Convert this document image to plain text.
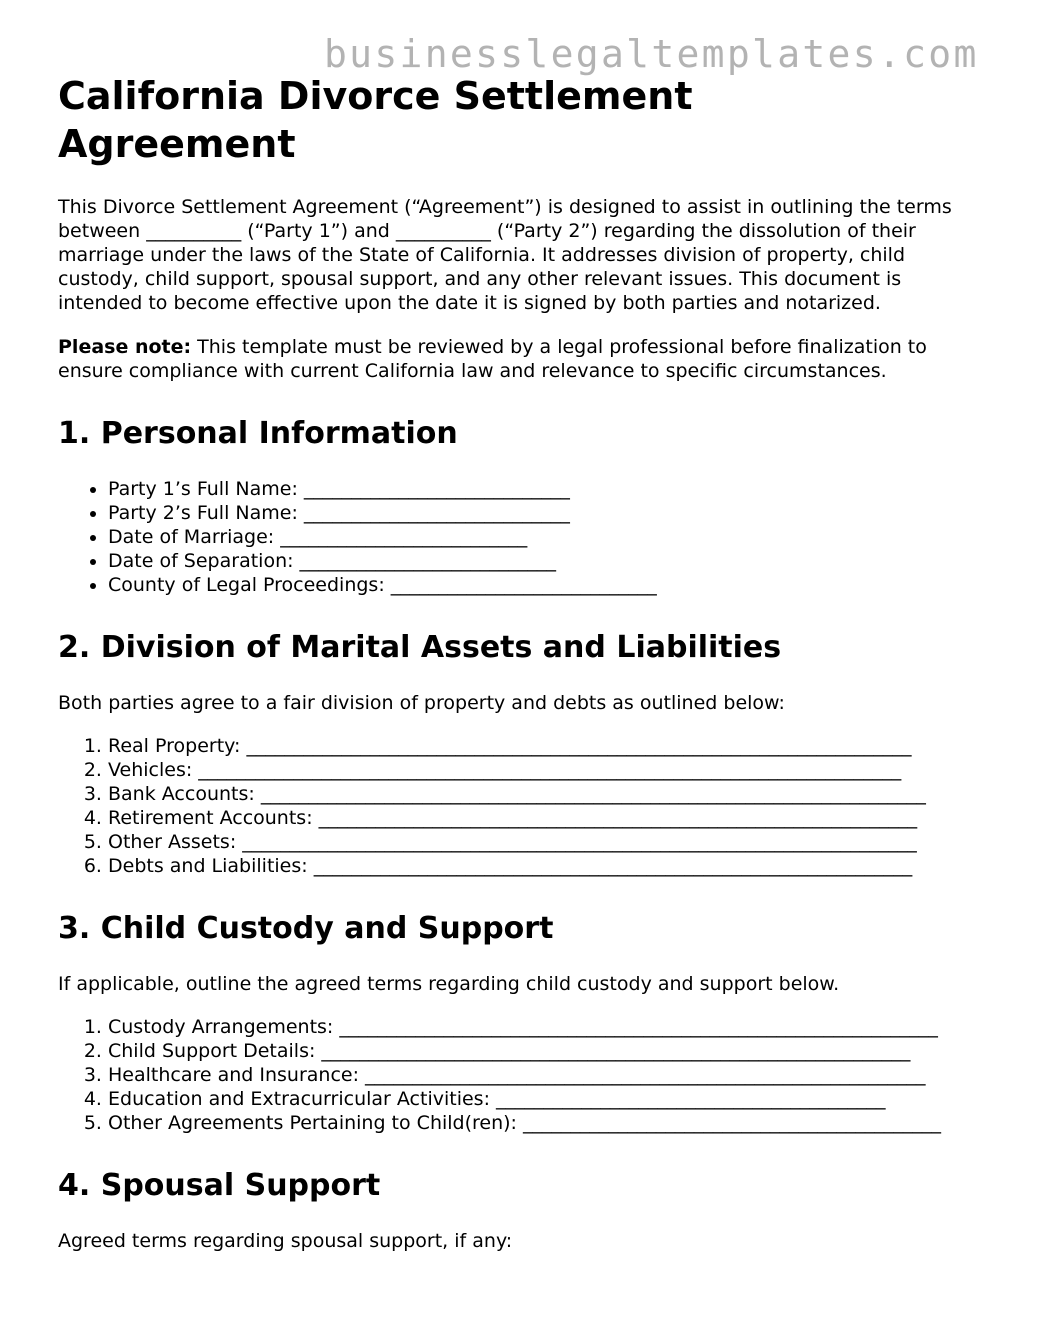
businesslegaltemplates.com
California Divorce Settlement Agreement

This Divorce Settlement Agreement (“Agreement”) is designed to assist in outlining the terms between __________ (“Party 1”) and __________ (“Party 2”) regarding the dissolution of their marriage under the laws of the State of California. It addresses division of property, child custody, child support, spousal support, and any other relevant issues. This document is intended to become effective upon the date it is signed by both parties and notarized.

Please note: This template must be reviewed by a legal professional before finalization to ensure compliance with current California law and relevance to specific circumstances.

1. Personal Information
• Party 1’s Full Name: ____________________________
• Party 2’s Full Name: ____________________________
• Date of Marriage: __________________________
• Date of Separation: ___________________________
• County of Legal Proceedings: ____________________________
2. Division of Marital Assets and Liabilities

Both parties agree to a fair division of property and debts as outlined below:

1. Real Property: ______________________________________________________________________
2. Vehicles: __________________________________________________________________________
3. Bank Accounts: ______________________________________________________________________
4. Retirement Accounts: _______________________________________________________________
5. Other Assets: _______________________________________________________________________
6. Debts and Liabilities: _______________________________________________________________
3. Child Custody and Support

If applicable, outline the agreed terms regarding child custody and support below.

1. Custody Arrangements: _______________________________________________________________
2. Child Support Details: ______________________________________________________________
3. Healthcare and Insurance: ___________________________________________________________
4. Education and Extracurricular Activities: _________________________________________
5. Other Agreements Pertaining to Child(ren): ____________________________________________
4. Spousal Support

Agreed terms regarding spousal support, if any:
